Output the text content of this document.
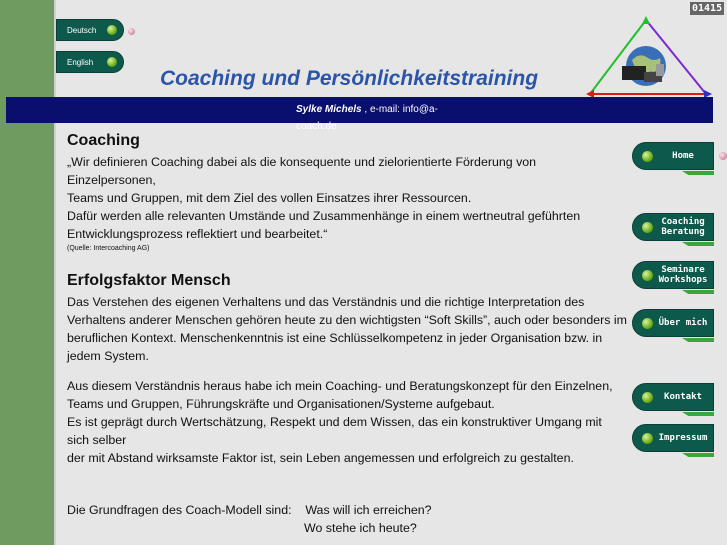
01415
Deutsch
English
Coaching und Persönlichkeitstraining
Sylke Michels , e-mail: info@a-coach.de
Coaching

„Wir definieren Coaching dabei als die konsequente und zielorientierte Förderung von Einzelpersonen,

Teams und Gruppen, mit dem Ziel des vollen Einsatzes ihrer Ressourcen.

Dafür werden alle relevanten Umstände und Zusammenhänge in einem wertneutral geführten Entwicklungsprozess reflektiert und bearbeitet.“

(Quelle: Intercoaching AG)
Erfolgsfaktor Mensch

Das Verstehen des eigenen Verhaltens und das Verständnis und die richtige Interpretation des Verhaltens anderer Menschen gehören heute zu den wichtigsten “Soft Skills”, auch oder besonders im beruflichen Kontext. Menschenkenntnis ist eine Schlüsselkompetenz in jeder Organisation bzw. in jedem System.

Aus diesem Verständnis heraus habe ich mein Coaching- und Beratungskonzept für den Einzelnen,

Teams und Gruppen, Führungskräfte und Organisationen/Systeme aufgebaut.

Es ist geprägt durch Wertschätzung, Respekt und dem Wissen, das ein konstruktiver Umgang mit sich selber

der mit Abstand wirksamste Faktor ist, sein Leben angemessen und erfolgreich zu gestalten.

Die Grundfragen des Coach-Modell sind: Was will ich erreichen?

Wo stehe ich heute?

Home
Coaching
Beratung
Seminare
Workshops
Über mich
Kontakt
Impressum
